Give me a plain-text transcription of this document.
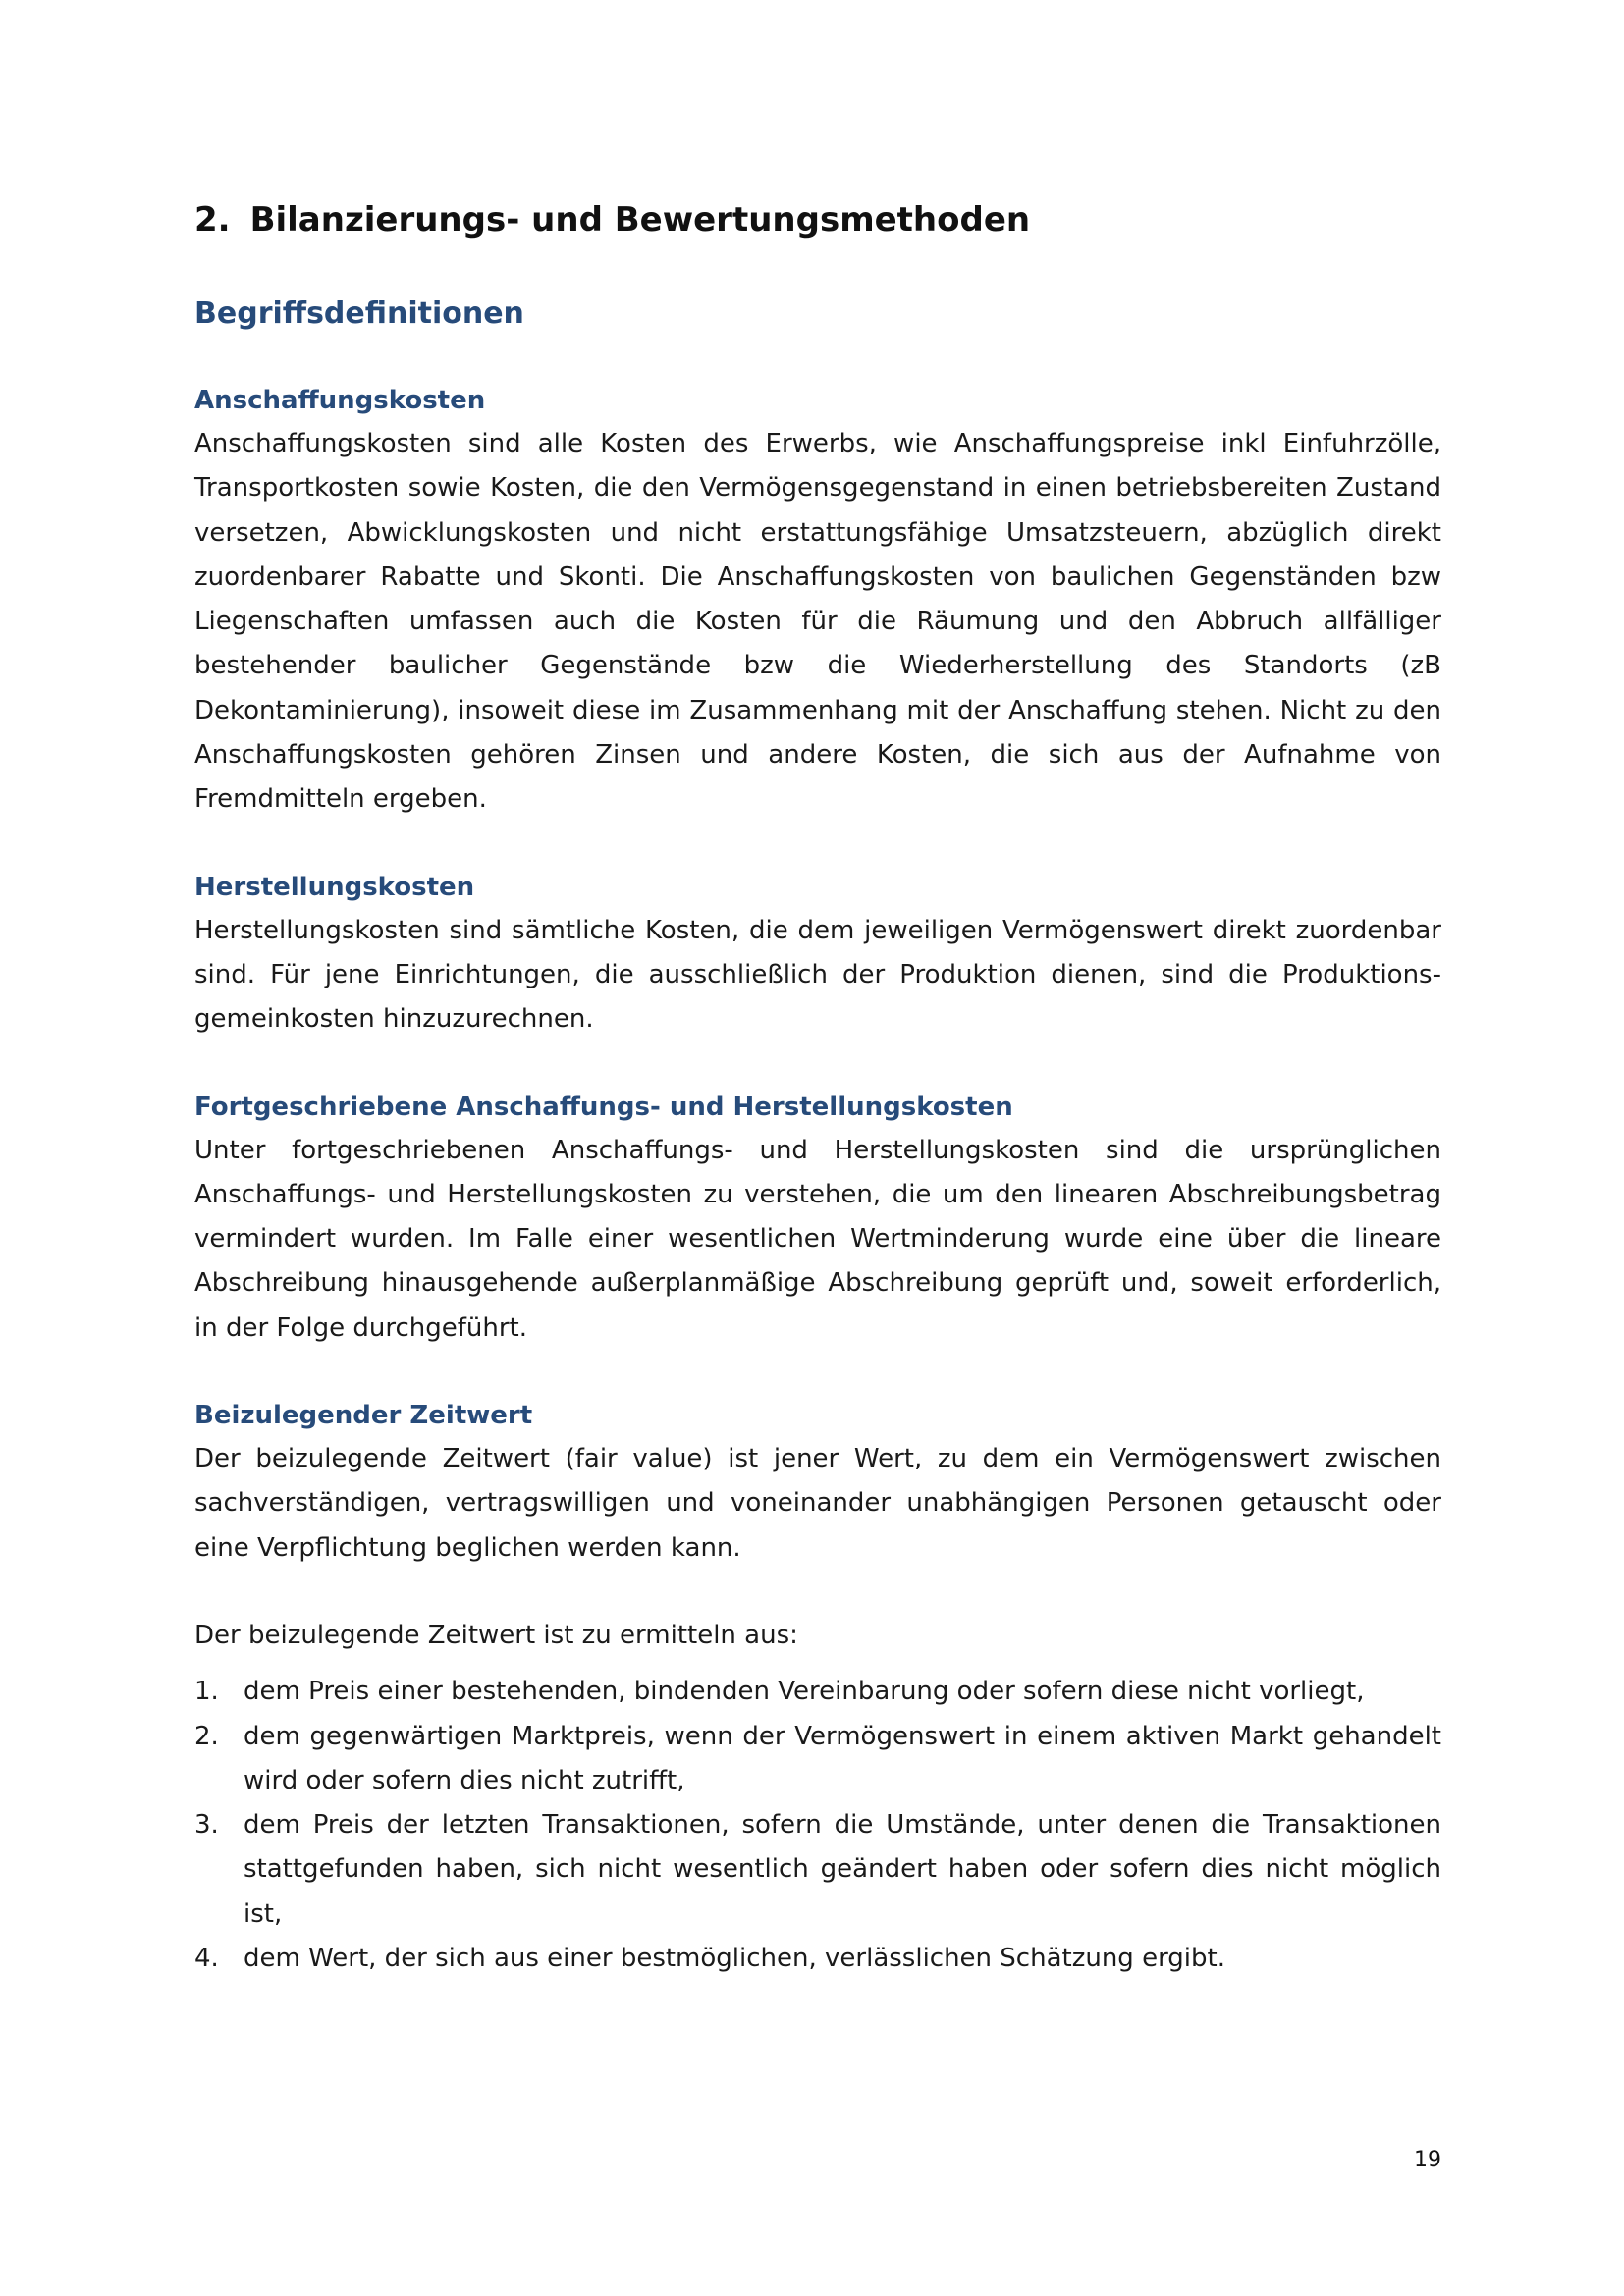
2. Bilanzierungs- und Bewertungsmethoden
Begriffsdefinitionen
Anschaffungskosten

Anschaffungskosten sind alle Kosten des Erwerbs, wie Anschaffungspreise inkl Einfuhrzölle, Transportkosten sowie Kosten, die den Vermögensgegenstand in einen betriebsbereiten Zustand versetzen, Abwicklungskosten und nicht erstattungsfähige Umsatzsteuern, abzüglich direkt zuordenbarer Rabatte und Skonti. Die Anschaffungskosten von baulichen Gegenständen bzw Liegenschaften umfassen auch die Kosten für die Räumung und den Abbruch allfälliger bestehender baulicher Gegenstände bzw die Wiederherstellung des Standorts (zB Dekontaminierung), insoweit diese im Zusammenhang mit der Anschaffung stehen. Nicht zu den Anschaffungskosten gehören Zinsen und andere Kosten, die sich aus der Aufnahme von Fremdmitteln ergeben.

Herstellungskosten

Herstellungskosten sind sämtliche Kosten, die dem jeweiligen Vermögenswert direkt zuordenbar sind. Für jene Einrichtungen, die ausschließlich der Produktion dienen, sind die Produktionsgemeinkosten hinzuzurechnen.

Fortgeschriebene Anschaffungs- und Herstellungskosten

Unter fortgeschriebenen Anschaffungs- und Herstellungskosten sind die ursprünglichen Anschaffungs- und Herstellungskosten zu verstehen, die um den linearen Abschreibungsbetrag vermindert wurden. Im Falle einer wesentlichen Wertminderung wurde eine über die lineare Abschreibung hinausgehende außerplanmäßige Abschreibung geprüft und, soweit erforderlich, in der Folge durchgeführt.

Beizulegender Zeitwert

Der beizulegende Zeitwert (fair value) ist jener Wert, zu dem ein Vermögenswert zwischen sachverständigen, vertragswilligen und voneinander unabhängigen Personen getauscht oder eine Verpflichtung beglichen werden kann.

Der beizulegende Zeitwert ist zu ermitteln aus:

1. dem Preis einer bestehenden, bindenden Vereinbarung oder sofern diese nicht vorliegt,
2. dem gegenwärtigen Marktpreis, wenn der Vermögenswert in einem aktiven Markt gehandelt wird oder sofern dies nicht zutrifft,
3. dem Preis der letzten Transaktionen, sofern die Umstände, unter denen die Transaktionen stattgefunden haben, sich nicht wesentlich geändert haben oder sofern dies nicht möglich ist,
4. dem Wert, der sich aus einer bestmöglichen, verlässlichen Schätzung ergibt.
19
